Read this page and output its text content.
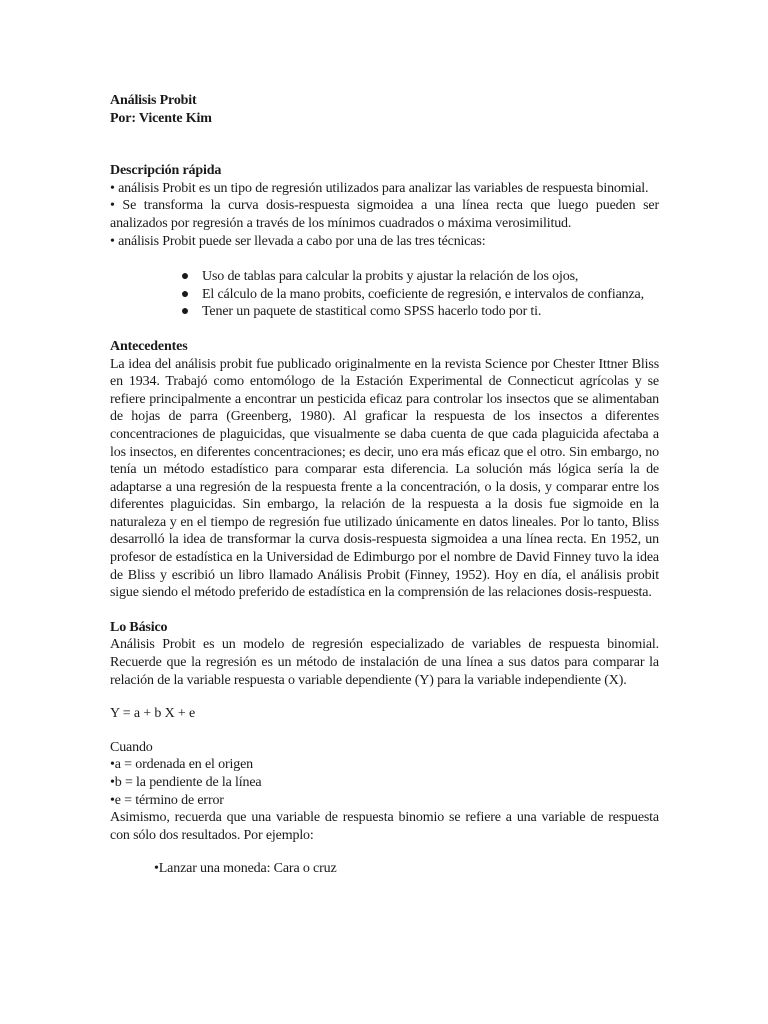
Análisis Probit

Por: Vicente Kim

Descripción rápida

• análisis Probit es un tipo de regresión utilizados para analizar las variables de respuesta binomial.

• Se transforma la curva dosis-respuesta sigmoidea a una línea recta que luego pueden ser analizados por regresión a través de los mínimos cuadrados o máxima verosimilitud.

• análisis Probit puede ser llevada a cabo por una de las tres técnicas:

● Uso de tablas para calcular la probits y ajustar la relación de los ojos,
● El cálculo de la mano probits, coeficiente de regresión, e intervalos de confianza,
● Tener un paquete de stastitical como SPSS hacerlo todo por ti.

Antecedentes

La idea del análisis probit fue publicado originalmente en la revista Science por Chester Ittner Bliss en 1934. Trabajó como entomólogo de la Estación Experimental de Connecticut agrícolas y se refiere principalmente a encontrar un pesticida eficaz para controlar los insectos que se alimentaban de hojas de parra (Greenberg, 1980). Al graficar la respuesta de los insectos a diferentes concentraciones de plaguicidas, que visualmente se daba cuenta de que cada plaguicida afectaba a los insectos, en diferentes concentraciones; es decir, uno era más eficaz que el otro. Sin embargo, no tenía un método estadístico para comparar esta diferencia. La solución más lógica sería la de adaptarse a una regresión de la respuesta frente a la concentración, o la dosis, y comparar entre los diferentes plaguicidas. Sin embargo, la relación de la respuesta a la dosis fue sigmoide en la naturaleza y en el tiempo de regresión fue utilizado únicamente en datos lineales. Por lo tanto, Bliss desarrolló la idea de transformar la curva dosis-respuesta sigmoidea a una línea recta. En 1952, un profesor de estadística en la Universidad de Edimburgo por el nombre de David Finney tuvo la idea de Bliss y escribió un libro llamado Análisis Probit (Finney, 1952). Hoy en día, el análisis probit sigue siendo el método preferido de estadística en la comprensión de las relaciones dosis-respuesta.

Lo Básico

Análisis Probit es un modelo de regresión especializado de variables de respuesta binomial. Recuerde que la regresión es un método de instalación de una línea a sus datos para comparar la relación de la variable respuesta o variable dependiente (Y) para la variable independiente (X).

Y = a + b X + e

Cuando

•a = ordenada en el origen

•b = la pendiente de la línea

•e = término de error

Asimismo, recuerda que una variable de respuesta binomio se refiere a una variable de respuesta con sólo dos resultados. Por ejemplo:

•Lanzar una moneda: Cara o cruz
